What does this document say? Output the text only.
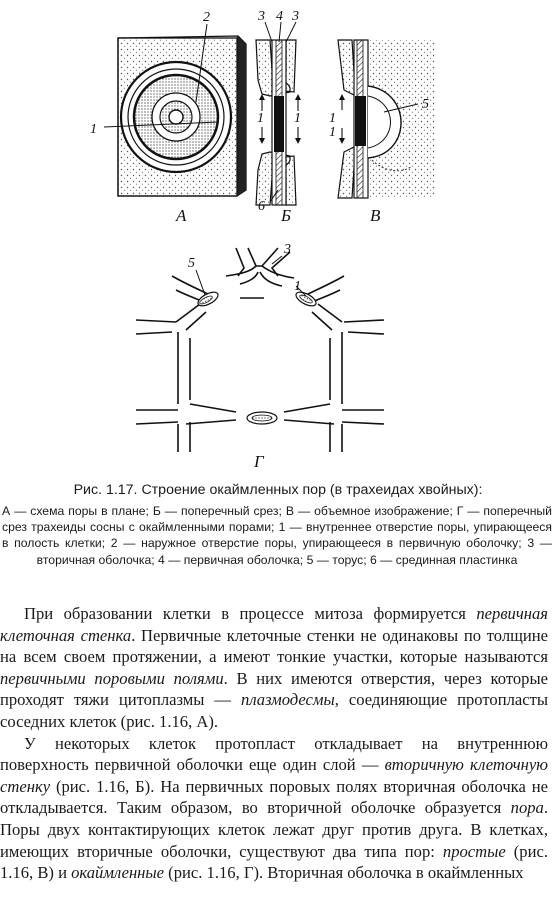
1
2	3 4 3
1 1
6
1
1
5
5
3
1
А	Б	В
Г
Рис. 1.17. Строение окаймленных пор (в трахеидах хвойных):
А — схема поры в плане; Б — поперечный срез; В — объемное изображение; Г — поперечный срез трахеиды сосны с окаймленными порами; 1 — внутреннее отверстие поры, упирающееся в полость клетки; 2 — наружное отверстие поры, упирающееся в первичную оболочку; 3 — вторичная оболочка; 4 — первичная оболочка; 5 — торус; 6 — срединная пластинка

При образовании клетки в процессе митоза формируется первичная клеточная стенка. Первичные клеточные стенки не одинаковы по толщине на всем своем протяжении, а имеют тонкие участки, которые называются первичными поровыми полями. В них имеются отверстия, через которые проходят тяжи цитоплазмы — плазмодесмы, соединяющие протопласты соседних клеток (рис. 1.16, А).

У некоторых клеток протопласт откладывает на внутреннюю поверхность первичной оболочки еще один слой — вторичную клеточную стенку (рис. 1.16, Б). На первичных поровых полях вторичная оболочка не откладывается. Таким образом, во вторичной оболочке образуется пора. Поры двух контактирующих клеток лежат друг против друга. В клетках, имеющих вторичные оболочки, существуют два типа пор: простые (рис. 1.16, В) и окаймленные (рис. 1.16, Г). Вторичная оболочка в окаймленных
